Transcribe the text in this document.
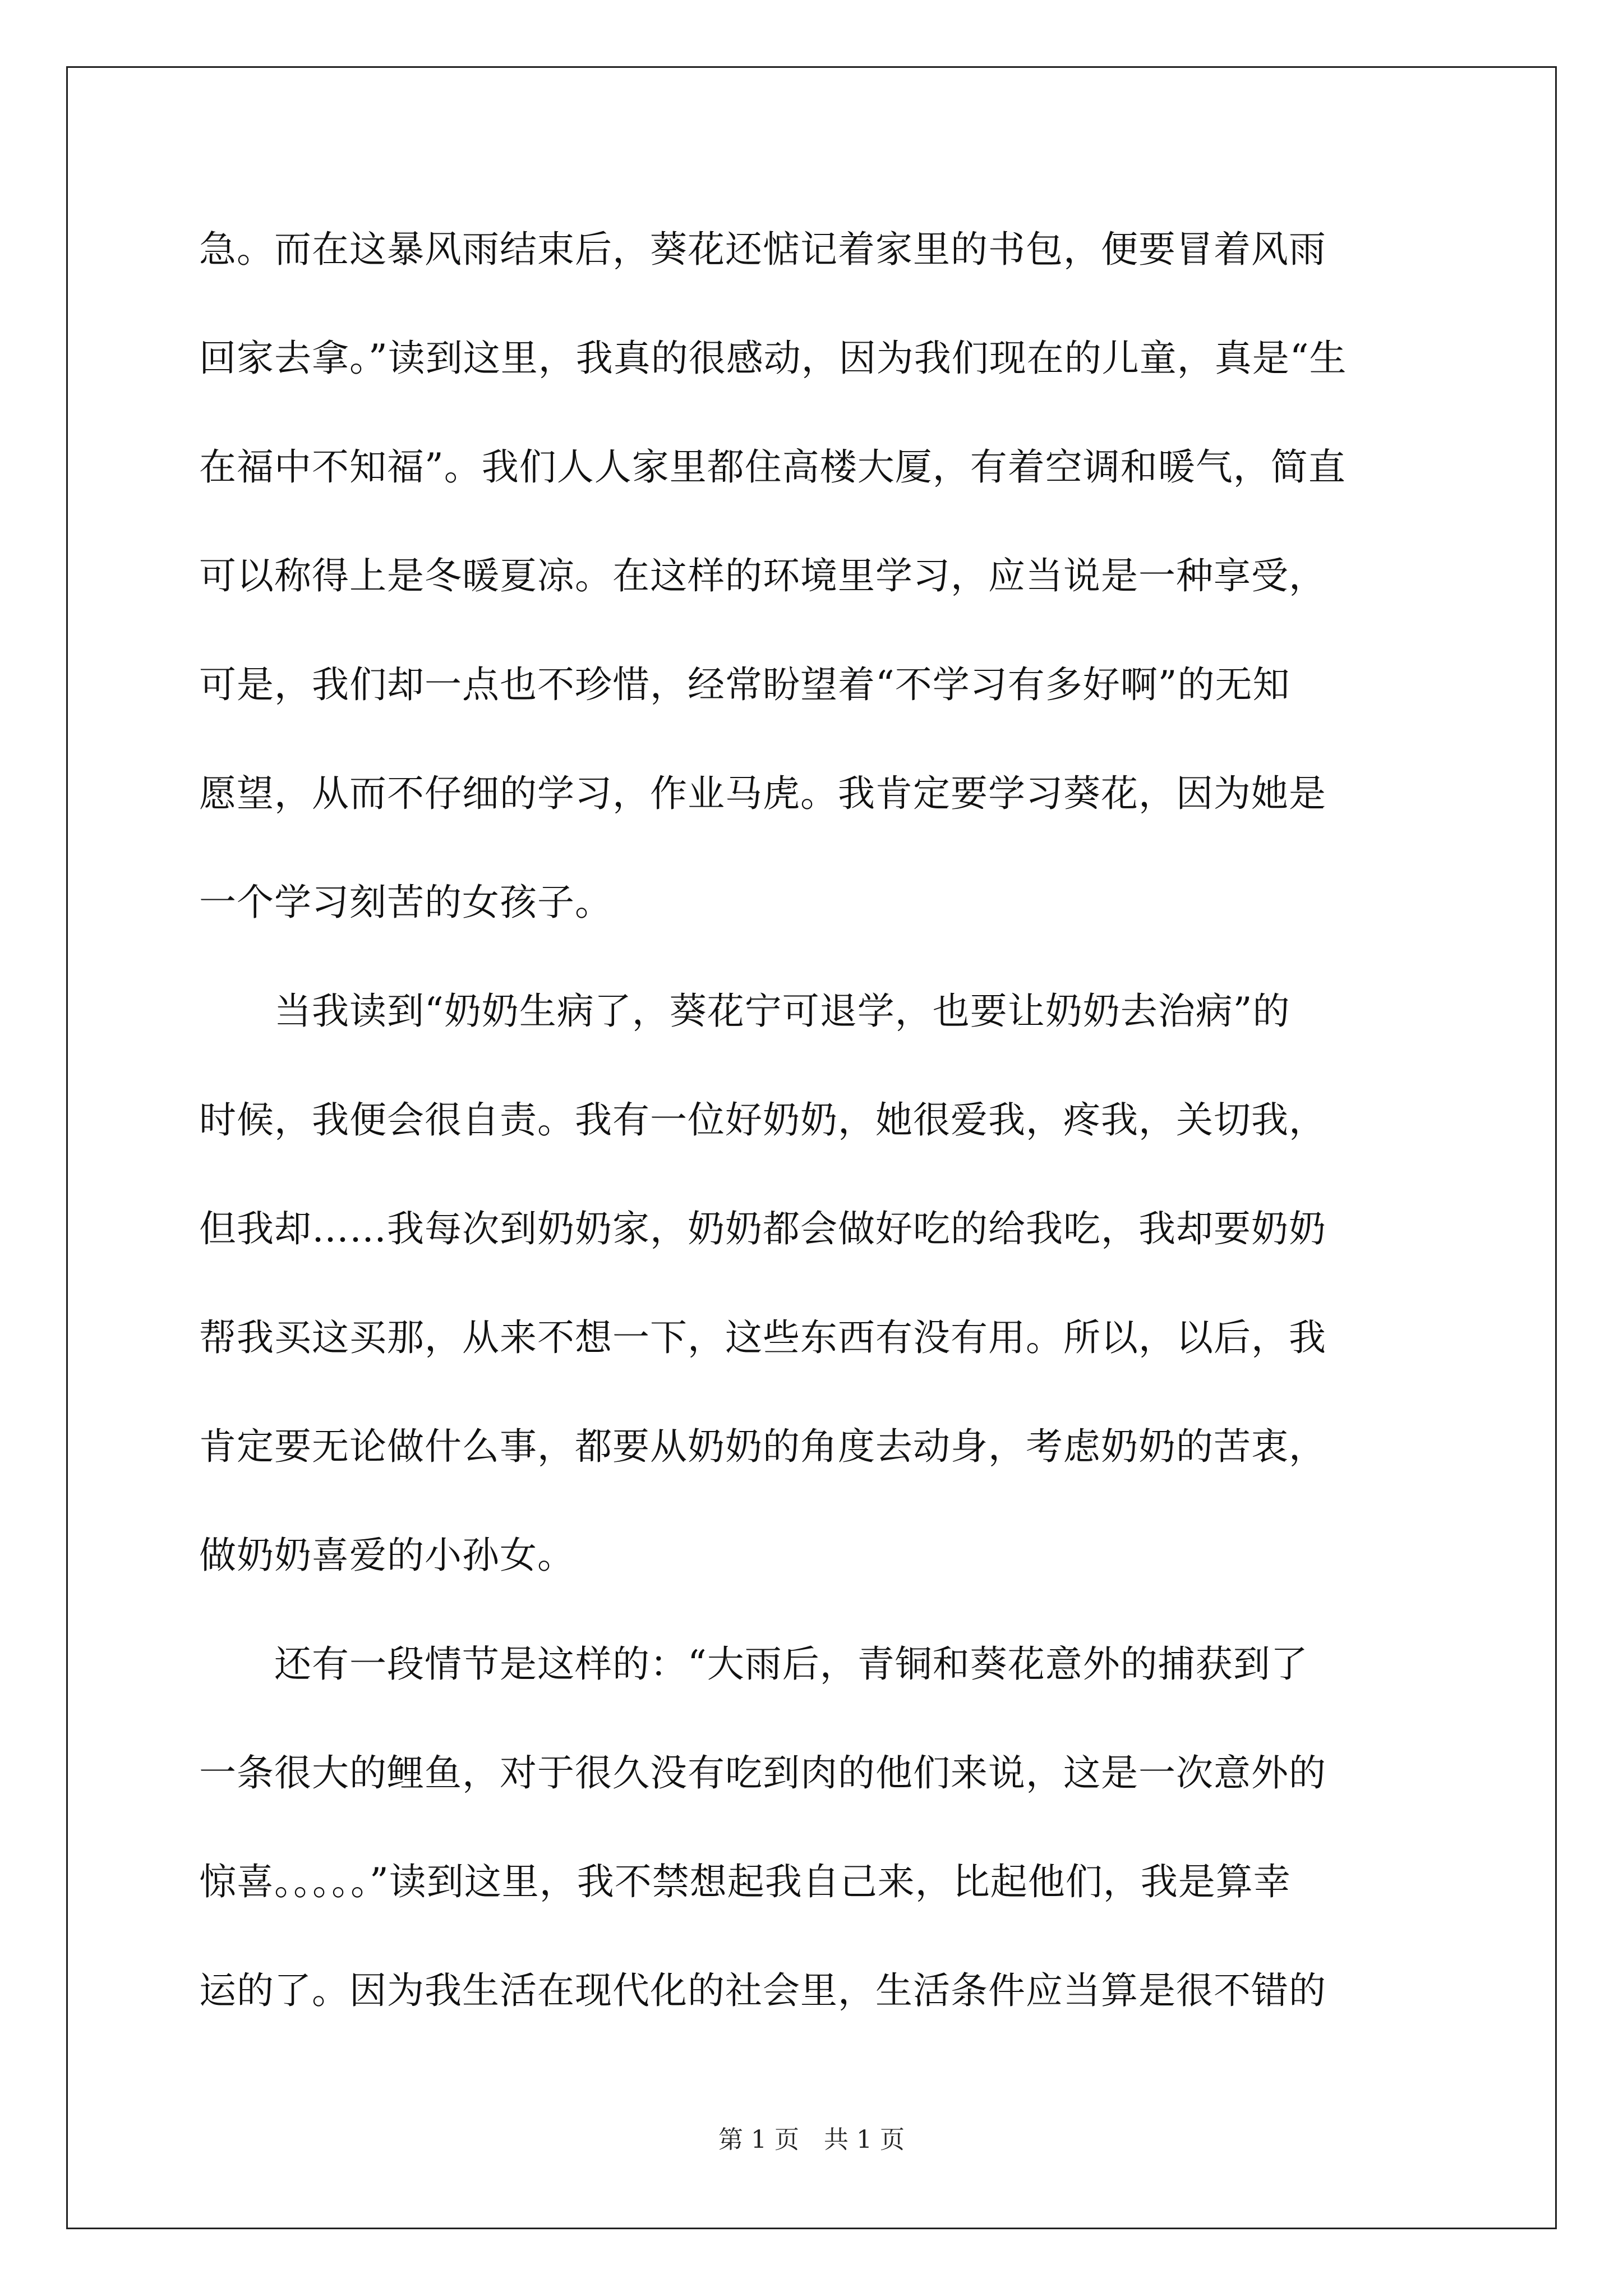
急。而在这暴风雨结束后，葵花还惦记着家里的书包，便要冒着风雨
回家去拿。”读到这里，我真的很感动，因为我们现在的儿童，真是“生
在福中不知福”。我们人人家里都住高楼大厦，有着空调和暖气，简直
可以称得上是冬暖夏凉。在这样的环境里学习，应当说是一种享受，
可是，我们却一点也不珍惜，经常盼望着“不学习有多好啊”的无知
愿望，从而不仔细的学习，作业马虎。我肯定要学习葵花，因为她是
一个学习刻苦的女孩子。
　　当我读到“奶奶生病了，葵花宁可退学，也要让奶奶去治病”的
时候，我便会很自责。我有一位好奶奶，她很爱我，疼我，关切我，
但我却……我每次到奶奶家，奶奶都会做好吃的给我吃，我却要奶奶
帮我买这买那，从来不想一下，这些东西有没有用。所以，以后，我
肯定要无论做什么事，都要从奶奶的角度去动身，考虑奶奶的苦衷，
做奶奶喜爱的小孙女。
　　还有一段情节是这样的：“大雨后，青铜和葵花意外的捕获到了
一条很大的鲤鱼，对于很久没有吃到肉的他们来说，这是一次意外的
惊喜。。。。。”读到这里，我不禁想起我自己来，比起他们，我是算幸
运的了。因为我生活在现代化的社会里，生活条件应当算是很不错的
第 1 页　共 1 页
